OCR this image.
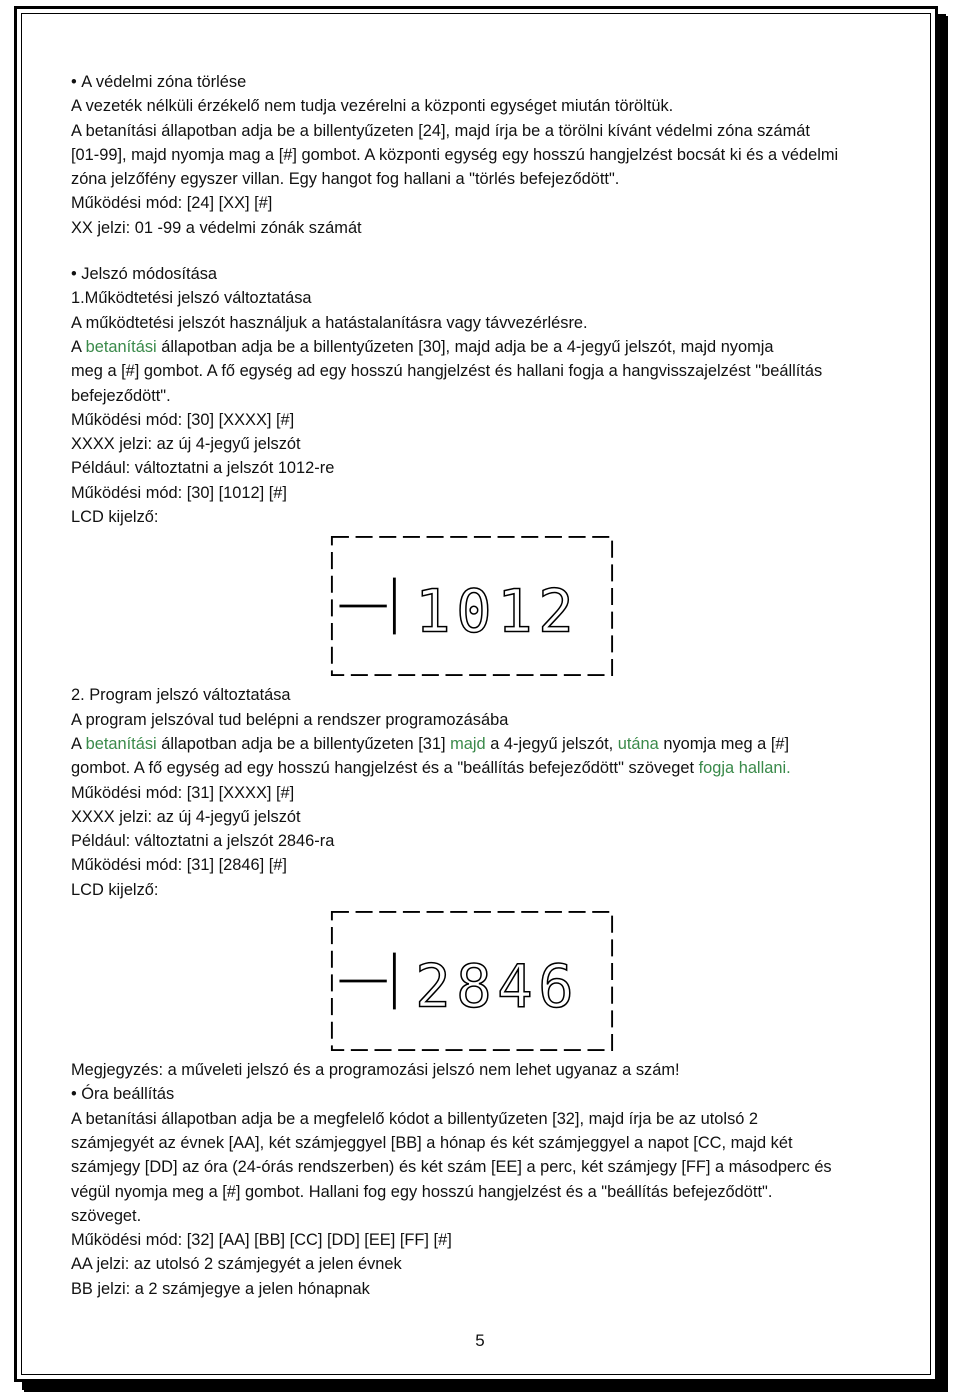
• A védelmi zóna törlése
A vezeték nélküli érzékelő nem tudja vezérelni a központi egységet miután töröltük.
A betanítási állapotban adja be a billentyűzeten [24], majd írja be a törölni kívánt védelmi zóna számát
[01-99], majd nyomja mag a [#] gombot. A központi egység egy hosszú hangjelzést bocsát ki és a védelmi
zóna jelzőfény egyszer villan. Egy hangot fog hallani a "törlés befejeződött".
Működési mód: [24] [XX] [#]
XX jelzi: 01 -99 a védelmi zónák számát
• Jelszó módosítása
1.Működtetési jelszó változtatása
A működtetési jelszót használjuk a hatástalanításra vagy távvezérlésre.
A betanítási állapotban adja be a billentyűzeten [30], majd adja be a 4-jegyű jelszót, majd nyomja
meg a [#] gombot. A fő egység ad egy hosszú hangjelzést és hallani fogja a hangvisszajelzést "beállítás
befejeződött".
Működési mód: [30] [XXXX] [#]
XXXX jelzi: az új 4-jegyű jelszót
Például: változtatni a jelszót 1012-re
Működési mód: [30] [1012] [#]
LCD kijelző:
1012
2. Program jelszó változtatása
A program jelszóval tud belépni a rendszer programozásába
A betanítási állapotban adja be a billentyűzeten [31] majd a 4-jegyű jelszót, utána nyomja meg a [#]
gombot. A fő egység ad egy hosszú hangjelzést és a "beállítás befejeződött" szöveget fogja hallani.
Működési mód: [31] [XXXX] [#]
XXXX jelzi: az új 4-jegyű jelszót
Például: változtatni a jelszót 2846-ra
Működési mód: [31] [2846] [#]
LCD kijelző:
2846
Megjegyzés: a műveleti jelszó és a programozási jelszó nem lehet ugyanaz a szám!
• Óra beállítás
A betanítási állapotban adja be a megfelelő kódot a billentyűzeten [32], majd írja be az utolsó 2
számjegyét az évnek [AA], két számjeggyel [BB] a hónap és két számjeggyel a napot [CC, majd két
számjegy [DD] az óra (24-órás rendszerben) és két szám [EE] a perc, két számjegy [FF] a másodperc és
végül nyomja meg a [#] gombot. Hallani fog egy hosszú hangjelzést és a "beállítás befejeződött".
szöveget.
Működési mód: [32] [AA] [BB] [CC] [DD] [EE] [FF] [#]
AA jelzi: az utolsó 2 számjegyét a jelen évnek
BB jelzi: a 2 számjegye a jelen hónapnak
5
